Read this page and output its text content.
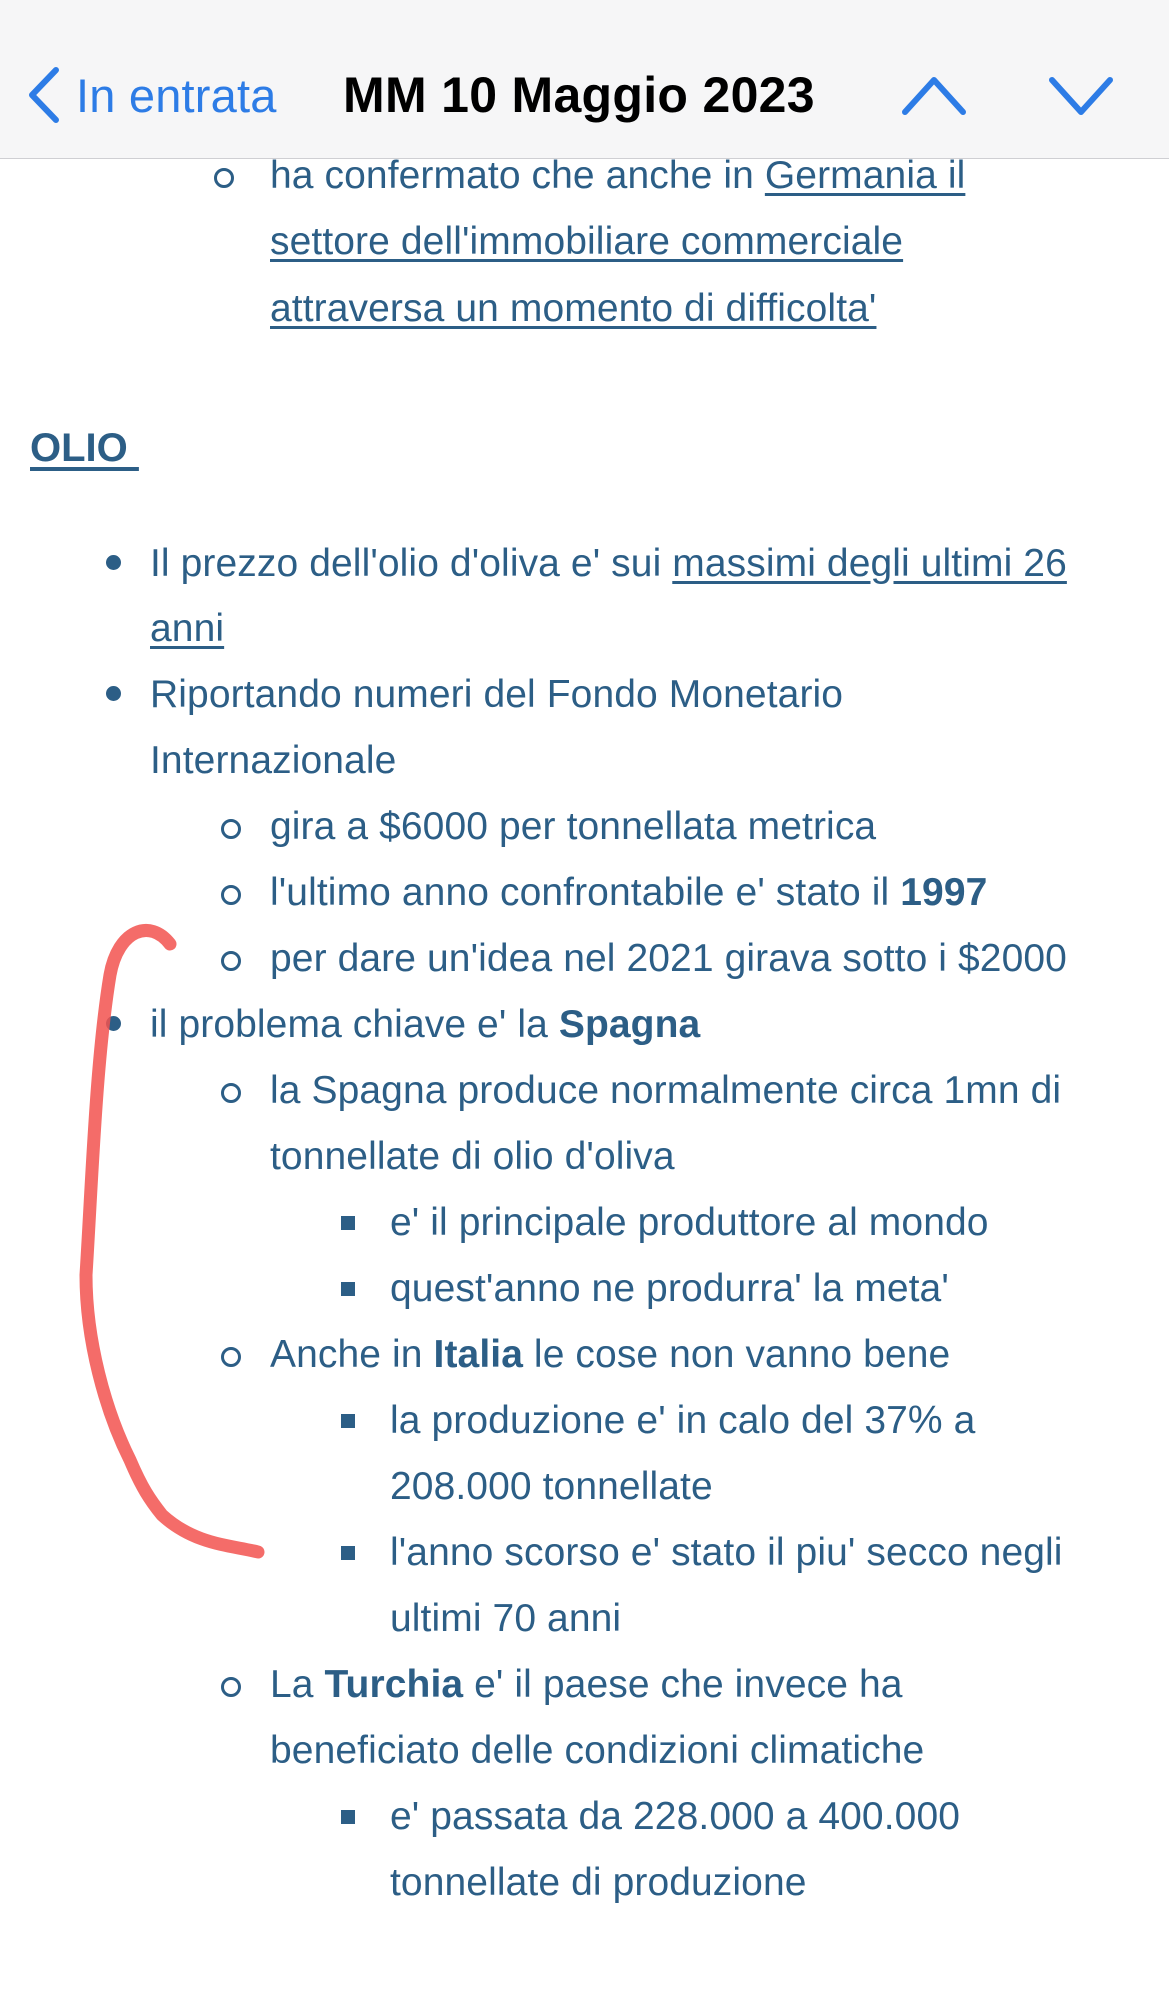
In entrata MM 10 Maggio 2023
ha confermato che anche in Germania il
settore dell'immobiliare commerciale
attraversa un momento di difficolta'
OLIO
Il prezzo dell'olio d'oliva e' sui massimi degli ultimi 26
anni
Riportando numeri del Fondo Monetario
Internazionale
gira a $6000 per tonnellata metrica
l'ultimo anno confrontabile e' stato il 1997
per dare un'idea nel 2021 girava sotto i $2000
il problema chiave e' la Spagna
la Spagna produce normalmente circa 1mn di
tonnellate di olio d'oliva
e' il principale produttore al mondo
quest'anno ne produrra' la meta'
Anche in Italia le cose non vanno bene
la produzione e' in calo del 37% a
208.000 tonnellate
l'anno scorso e' stato il piu' secco negli
ultimi 70 anni
La Turchia e' il paese che invece ha
beneficiato delle condizioni climatiche
e' passata da 228.000 a 400.000
tonnellate di produzione
